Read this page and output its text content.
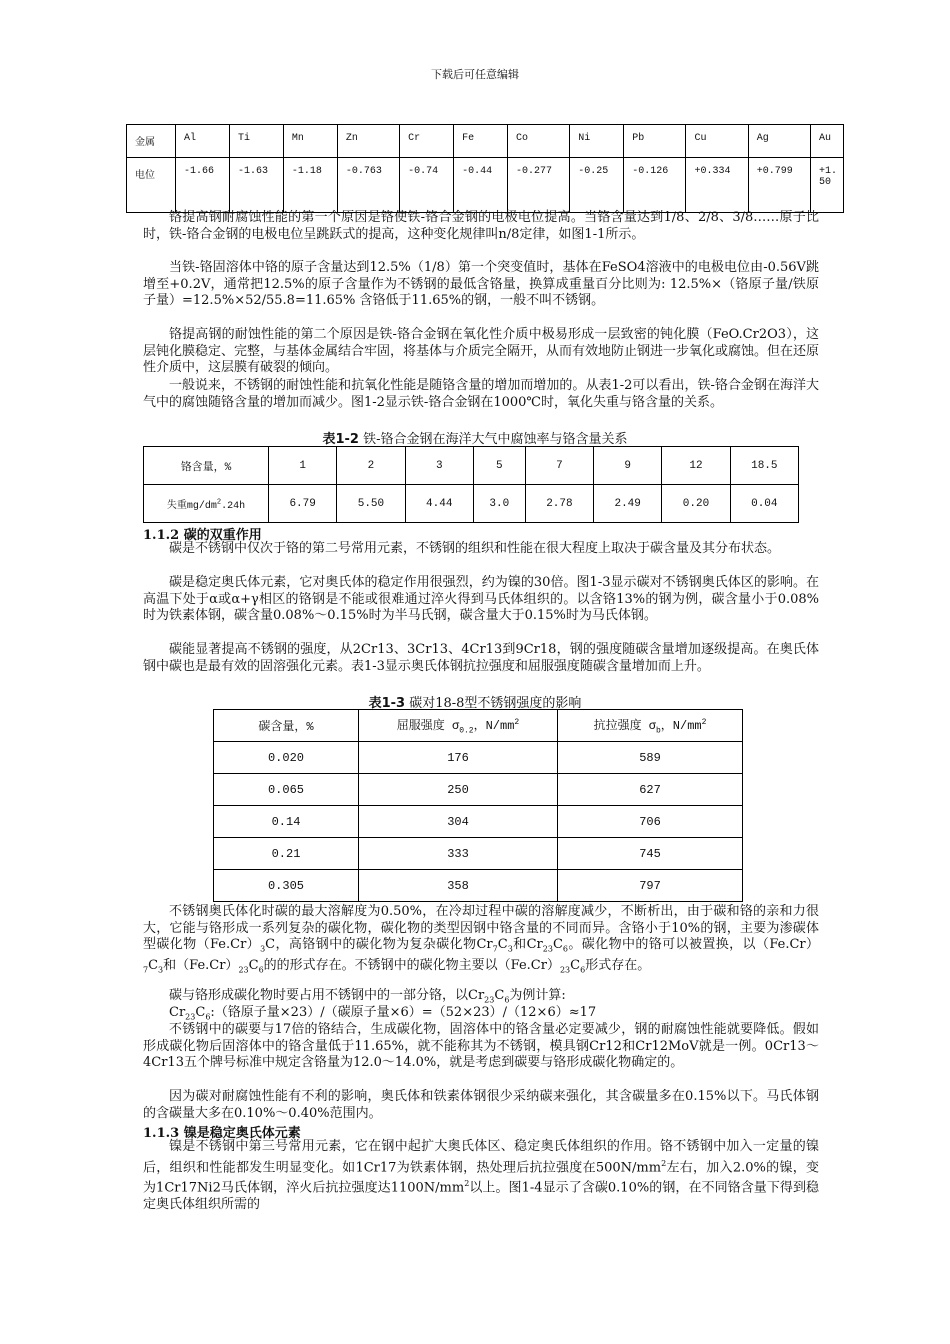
下载后可任意编辑
金属	Al	Ti	Mn	Zn	Cr	Fe	Co	Ni	Pb	Cu	Ag	Au
电位	-1.66	-1.63	-1.18	-0.763	-0.74	-0.44	-0.277	-0.25	-0.126	+0.334	+0.799	+1.50

铬提高钢耐腐蚀性能的第一个原因是铬使铁-铬合金钢的电极电位提高。当铬含量达到1/8、2/8、3/8……原子比时，铁-铬合金钢的电极电位呈跳跃式的提高，这种变化规律叫n/8定律，如图1-1所示。

当铁-铬固溶体中铬的原子含量达到12.5%（1/8）第一个突变值时，基体在FeSO4溶液中的电极电位由-0.56V跳增至+0.2V，通常把12.5%的原子含量作为不锈钢的最低含铬量，换算成重量百分比则为: 12.5%×（铬原子量/铁原子量）=12.5%×52/55.8=11.65% 含铬低于11.65%的钢，一般不叫不锈钢。

铬提高钢的耐蚀性能的第二个原因是铁-铬合金钢在氧化性介质中极易形成一层致密的钝化膜（FeO.Cr2O3），这层钝化膜稳定、完整，与基体金属结合牢固，将基体与介质完全隔开，从而有效地防止钢进一步氧化或腐蚀。但在还原性介质中，这层膜有破裂的倾向。

一般说来，不锈钢的耐蚀性能和抗氧化性能是随铬含量的增加而增加的。从表1-2可以看出，铁-铬合金钢在海洋大气中的腐蚀随铬含量的增加而减少。图1-2显示铁-铬合金钢在1000℃时，氧化失重与铬含量的关系。

表1-2 铁-铬合金钢在海洋大气中腐蚀率与铬含量关系
铬含量，%	1	2	3	5	7	9	12	18.5
失重$mg/dm^2.24h$	6.79	5.50	4.44	3.0	2.78	2.49	0.20	0.04
1.1.2 碳的双重作用

碳是不锈钢中仅次于铬的第二号常用元素，不锈钢的组织和性能在很大程度上取决于碳含量及其分布状态。

碳是稳定奥氏体元素，它对奥氏体的稳定作用很强烈，约为镍的30倍。图1-3显示碳对不锈钢奥氏体区的影响。在高温下处于α或α+γ相区的铬钢是不能或很难通过淬火得到马氏体组织的。以含铬13%的钢为例，碳含量小于0.08%时为铁素体钢，碳含量0.08%～0.15%时为半马氏钢，碳含量大于0.15%时为马氏体钢。

碳能显著提高不锈钢的强度，从2Cr13、3Cr13、4Cr13到9Cr18，钢的强度随碳含量增加逐级提高。在奥氏体钢中碳也是最有效的固溶强化元素。表1-3显示奥氏体钢抗拉强度和屈服强度随碳含量增加而上升。

表1-3 碳对18-8型不锈钢强度的影响
碳含量，%	屈服强度 $\sigma_{0.2}$，$N/mm^2$	抗拉强度 $\sigma_b$，$N/mm^2$
0.020	176	589
0.065	250	627
0.14	304	706
0.21	333	745
0.305	358	797

不锈钢奥氏体化时碳的最大溶解度为0.50%，在冷却过程中碳的溶解度减少，不断析出，由于碳和铬的亲和力很大，它能与铬形成一系列复杂的碳化物，碳化物的类型因钢中铬含量的不同而异。含铬小于10%的钢，主要为渗碳体型碳化物$(Fe.Cr)_3C$，高铬钢中的碳化物为复杂碳化物$Cr_7C_3$和$Cr_{23}C_6$。碳化物中的铬可以被置换，以$(Fe.Cr)_7C_3$和$(Fe.Cr)_{23}C_6$的的形式存在。不锈钢中的碳化物主要以$(Fe.Cr)_{23}C_6$形式存在。

碳与铬形成碳化物时要占用不锈钢中的一部分铬，以$Cr_{23}C_6$为例计算:

$Cr_{23}C_6$:（铬原子量×23）/（碳原子量×6）=（52×23）/（12×6）≈17

不锈钢中的碳要与17倍的铬结合，生成碳化物，固溶体中的铬含量必定要减少，钢的耐腐蚀性能就要降低。假如形成碳化物后固溶体中的铬含量低于11.65%，就不能称其为不锈钢，模具钢Cr12和Cr12MoV就是一例。0Cr13～4Cr13五个牌号标准中规定含铬量为12.0～14.0%，就是考虑到碳要与铬形成碳化物确定的。

因为碳对耐腐蚀性能有不利的影响，奥氏体和铁素体钢很少采纳碳来强化，其含碳量多在0.15%以下。马氏体钢的含碳量大多在0.10%～0.40%范围内。

1.1.3 镍是稳定奥氏体元素

镍是不锈钢中第三号常用元素，它在钢中起扩大奥氏体区、稳定奥氏体组织的作用。铬不锈钢中加入一定量的镍后，组织和性能都发生明显变化。如1Cr17为铁素体钢，热处理后抗拉强度在$500N/mm^2$左右，加入2.0%的镍，变为1Cr17Ni2马氏体钢，淬火后抗拉强度达$1100N/mm^2$以上。图1-4显示了含碳0.10%的钢，在不同铬含量下得到稳定奥氏体组织所需的
